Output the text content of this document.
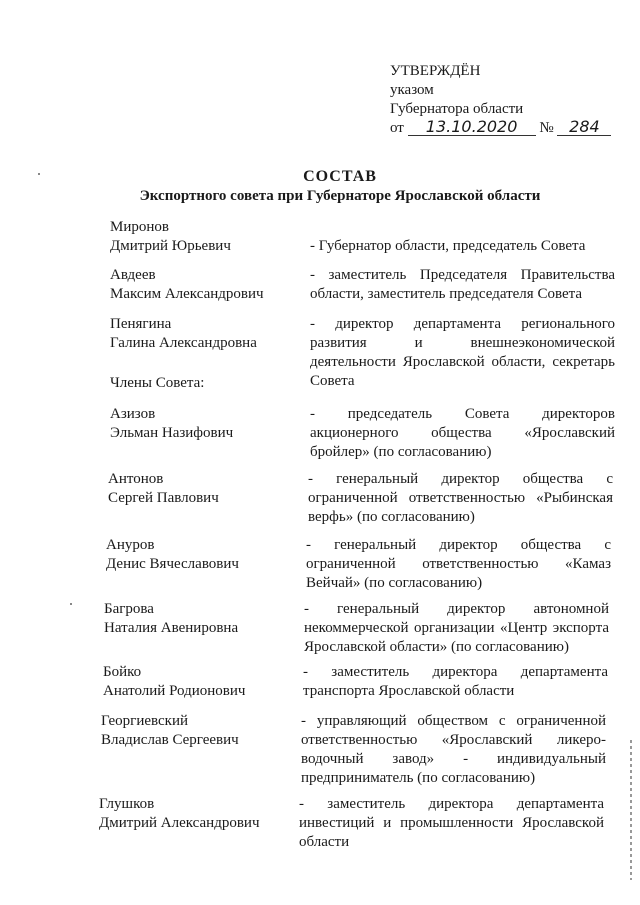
УТВЕРЖДЁН
указом
Губернатора области
от 13.10.2020 № 284
СОСТАВ
Экспортного совета при Губернаторе Ярославской области
Миронов
Дмитрий Юрьевич	- Губернатор области, председатель Совета
Авдеев
Максим Александрович
- заместитель Председателя Правительства области, заместитель председателя Совета
Пенягина
Галина Александровна
- директор департамента регионального развития и внешнеэкономической деятельности Ярославской области, секретарь Совета
Члены Совета:
Азизов
Эльман Назифович
- председатель Совета директоров акционерного общества «Ярославский бройлер» (по согласованию)
Антонов
Сергей Павлович
- генеральный директор общества с ограниченной ответственностью «Рыбинская верфь» (по согласованию)
Ануров
Денис Вячеславович
- генеральный директор общества с ограниченной ответственностью «Камаз Вейчай» (по согласованию)
Багрова
Наталия Авенировна
- генеральный директор автономной некоммерческой организации «Центр экспорта Ярославской области» (по согласованию)
Бойко
Анатолий Родионович
- заместитель директора департамента транспорта Ярославской области
Георгиевский
Владислав Сергеевич
- управляющий обществом с ограниченной ответственностью «Ярославский ликеро-водочный завод» - индивидуальный предприниматель (по согласованию)
Глушков
Дмитрий Александрович
- заместитель директора департамента инвестиций и промышленности Ярославской области
